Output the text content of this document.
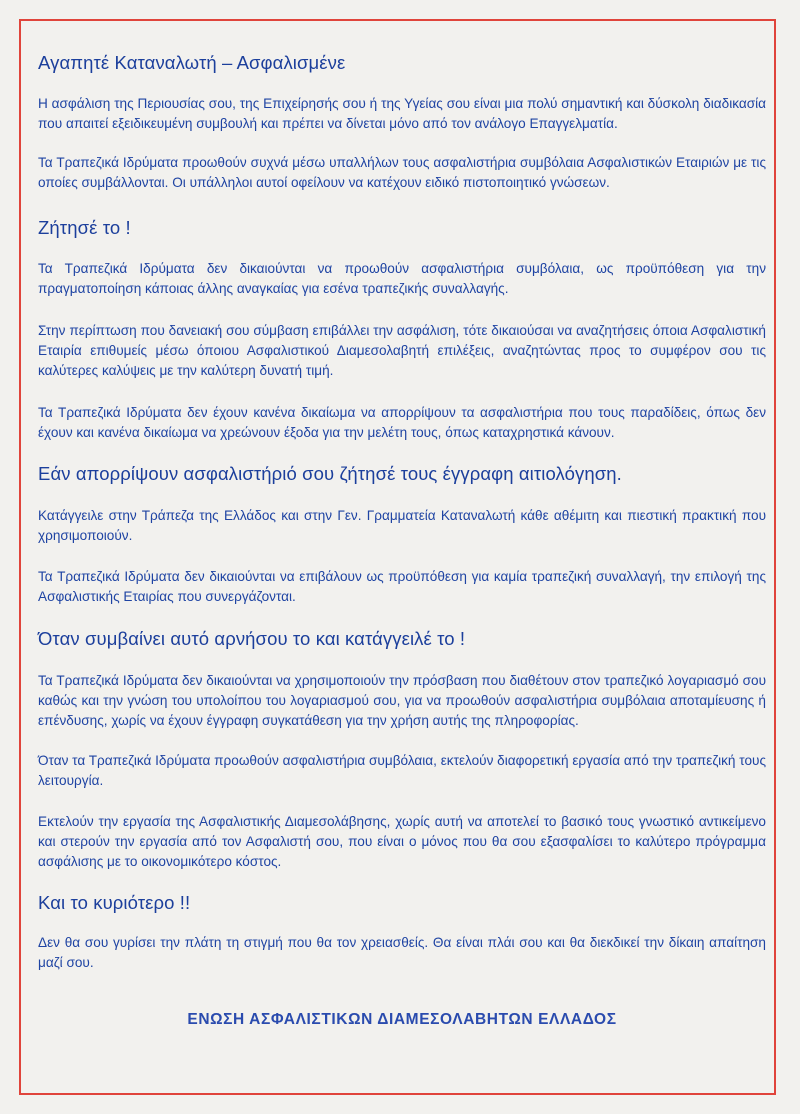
Αγαπητέ Καταναλωτή – Ασφαλισμένε

Η ασφάλιση της Περιουσίας σου, της Επιχείρησής σου ή της Υγείας σου είναι μια πολύ σημαντική και δύσκολη διαδικασία που απαιτεί εξειδικευμένη συμβουλή και πρέπει να δίνεται μόνο από τον ανάλογο Επαγγελματία.

Τα Τραπεζικά Ιδρύματα προωθούν συχνά μέσω υπαλλήλων τους ασφαλιστήρια συμβόλαια Ασφαλιστικών Εταιριών με τις οποίες συμβάλλονται. Οι υπάλληλοι αυτοί οφείλουν να κατέχουν ειδικό πιστοποιητικό γνώσεων.

Ζήτησέ το !

Τα Τραπεζικά Ιδρύματα δεν δικαιούνται να προωθούν ασφαλιστήρια συμβόλαια, ως προϋπόθεση για την πραγματοποίηση κάποιας άλλης αναγκαίας για εσένα τραπεζικής συναλλαγής.

Στην περίπτωση που δανειακή σου σύμβαση επιβάλλει την ασφάλιση, τότε δικαιούσαι να αναζητήσεις όποια Ασφαλιστική Εταιρία επιθυμείς μέσω όποιου Ασφαλιστικού Διαμεσολαβητή επιλέξεις, αναζητώντας προς το συμφέρον σου τις καλύτερες καλύψεις με την καλύτερη δυνατή τιμή.

Τα Τραπεζικά Ιδρύματα δεν έχουν κανένα δικαίωμα να απορρίψουν τα ασφαλιστήρια που τους παραδίδεις, όπως δεν έχουν και κανένα δικαίωμα να χρεώνουν έξοδα για την μελέτη τους, όπως καταχρηστικά κάνουν.

Εάν απορρίψουν ασφαλιστήριό σου ζήτησέ τους έγγραφη αιτιολόγηση.

Κατάγγειλε στην Τράπεζα της Ελλάδος και στην Γεν. Γραμματεία Καταναλωτή κάθε αθέμιτη και πιεστική πρακτική που χρησιμοποιούν.

Τα Τραπεζικά Ιδρύματα δεν δικαιούνται να επιβάλουν ως προϋπόθεση για καμία τραπεζική συναλλαγή, την επιλογή της Ασφαλιστικής Εταιρίας που συνεργάζονται.

Όταν συμβαίνει αυτό αρνήσου το και κατάγγειλέ το !

Τα Τραπεζικά Ιδρύματα δεν δικαιούνται να χρησιμοποιούν την πρόσβαση που διαθέτουν στον τραπεζικό λογαριασμό σου καθώς και την γνώση του υπολοίπου του λογαριασμού σου, για να προωθούν ασφαλιστήρια συμβόλαια αποταμίευσης ή επένδυσης, χωρίς να έχουν έγγραφη συγκατάθεση για την χρήση αυτής της πληροφορίας.

Όταν τα Τραπεζικά Ιδρύματα προωθούν ασφαλιστήρια συμβόλαια, εκτελούν διαφορετική εργασία από την τραπεζική τους λειτουργία.

Εκτελούν την εργασία της Ασφαλιστικής Διαμεσολάβησης, χωρίς αυτή να αποτελεί το βασικό τους γνωστικό αντικείμενο και στερούν την εργασία από τον Ασφαλιστή σου, που είναι ο μόνος που θα σου εξασφαλίσει το καλύτερο πρόγραμμα ασφάλισης με το οικονομικότερο κόστος.

Και το κυριότερο !!

Δεν θα σου γυρίσει την πλάτη τη στιγμή που θα τον χρειασθείς. Θα είναι πλάι σου και θα διεκδικεί την δίκαιη απαίτηση μαζί σου.

ΕΝΩΣΗ ΑΣΦΑΛΙΣΤΙΚΩΝ ΔΙΑΜΕΣΟΛΑΒΗΤΩΝ ΕΛΛΑΔΟΣ
